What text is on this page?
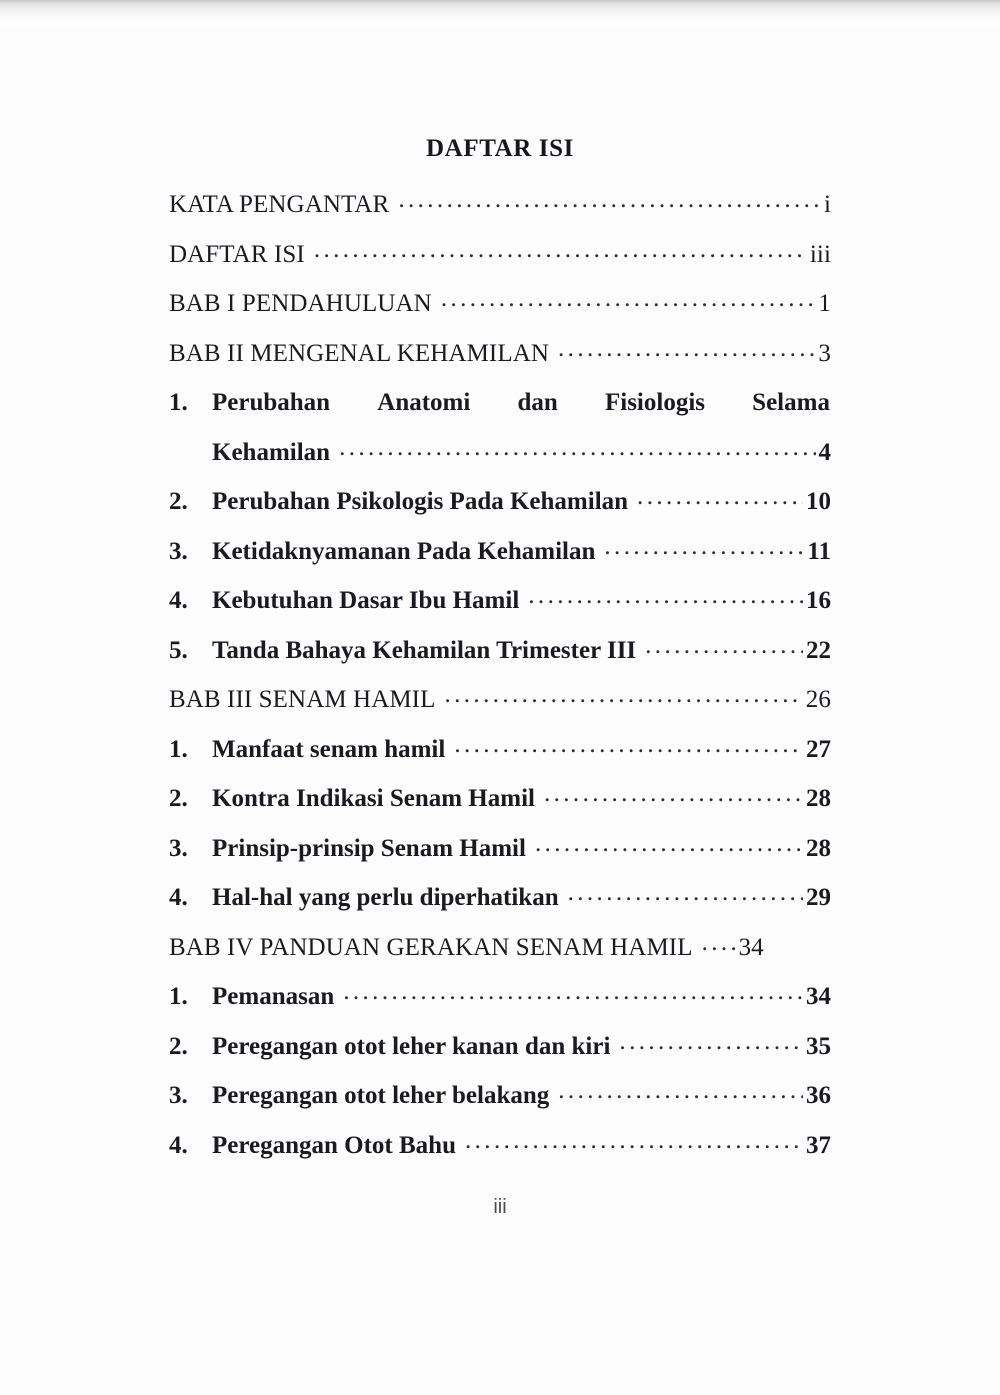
DAFTAR ISI
KATA PENGANTAR .....	i
DAFTAR ISI .....	iii
BAB I PENDAHULUAN .....	1
BAB II MENGENAL KEHAMILAN .....	3
1. Perubahan Anatomi dan Fisiologis Selama
Kehamilan .....	4
2. Perubahan Psikologis Pada Kehamilan .....	10
3. Ketidaknyamanan Pada Kehamilan .....	11
4. Kebutuhan Dasar Ibu Hamil .....	16
5. Tanda Bahaya Kehamilan Trimester III .....	22
BAB III SENAM HAMIL .....	26
1. Manfaat senam hamil .....	27
2. Kontra Indikasi Senam Hamil .....	28
3. Prinsip-prinsip Senam Hamil .....	28
4. Hal-hal yang perlu diperhatikan .....	29
BAB IV PANDUAN GERAKAN SENAM HAMIL ..... 34
1. Pemanasan .....	34
2. Peregangan otot leher kanan dan kiri .....	35
3. Peregangan otot leher belakang .....	36
4. Peregangan Otot Bahu .....	37
iii
